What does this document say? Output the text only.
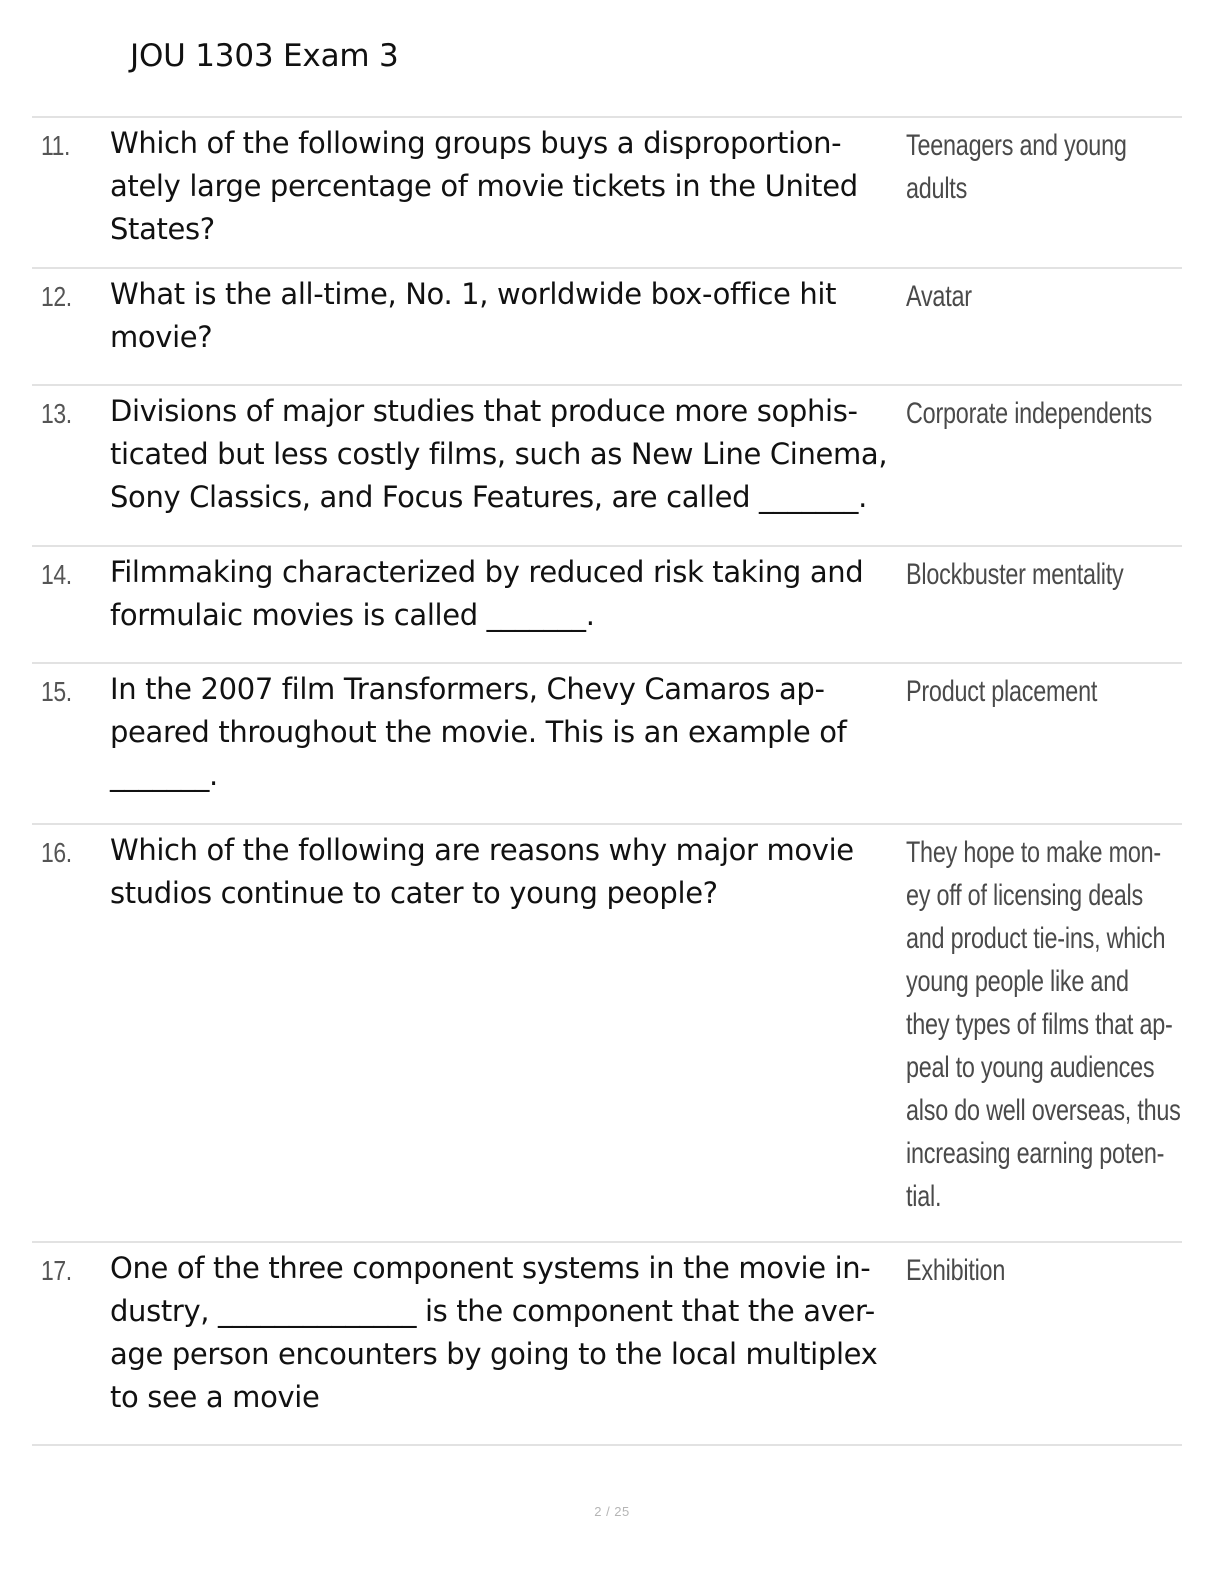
JOU 1303 Exam 3
11. Which of the following groups buys a disproportion-
ately large percentage of movie tickets in the United
States?
Teenagers and young
adults
12. What is the all-time, No. 1, worldwide box-office hit
movie?
Avatar
13. Divisions of major studies that produce more sophis-
ticated but less costly films, such as New Line Cinema,
Sony Classics, and Focus Features, are called _______.
Corporate independents
14. Filmmaking characterized by reduced risk taking and
formulaic movies is called _______.
Blockbuster mentality
15. In the 2007 film Transformers, Chevy Camaros ap-
peared throughout the movie. This is an example of
_______.
Product placement
16. Which of the following are reasons why major movie
studios continue to cater to young people?
They hope to make mon-
ey off of licensing deals
and product tie-ins, which
young people like and
they types of films that ap-
peal to young audiences
also do well overseas, thus
increasing earning poten-
tial.
17. One of the three component systems in the movie in-
dustry, ______________ is the component that the aver-
age person encounters by going to the local multiplex
to see a movie
Exhibition
2 / 25
